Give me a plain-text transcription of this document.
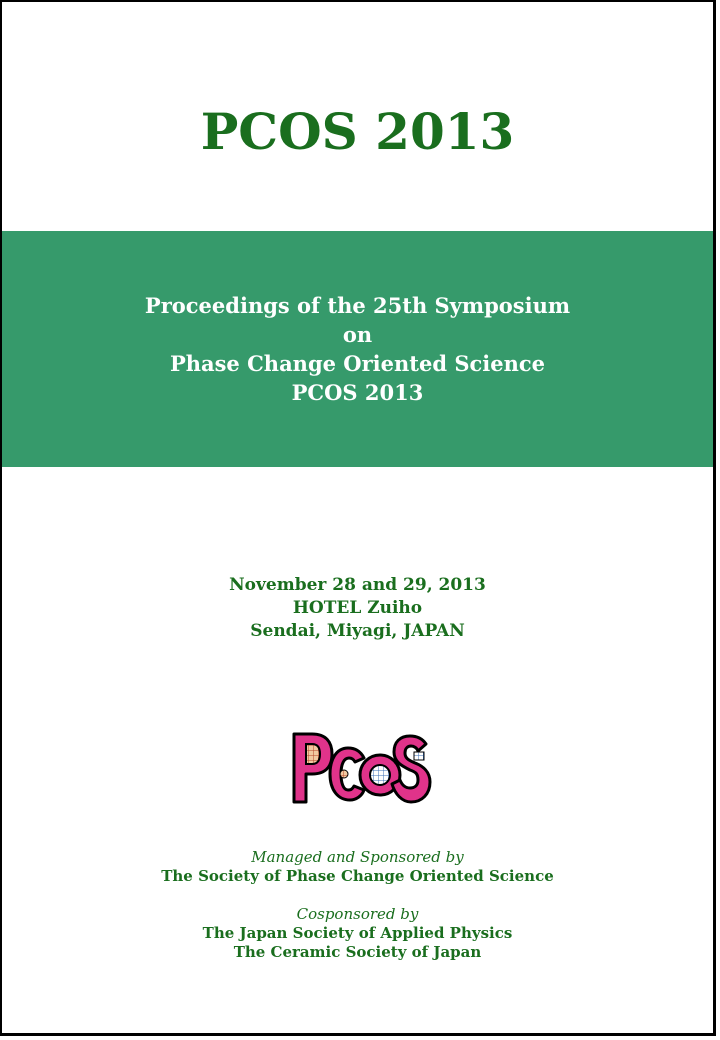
PCOS 2013
Proceedings of the 25th Symposium
on
Phase Change Oriented Science
PCOS 2013
November 28 and 29, 2013
HOTEL Zuiho
Sendai, Miyagi, JAPAN
Managed and Sponsored by
The Society of Phase Change Oriented Science
Cosponsored by
The Japan Society of Applied Physics
The Ceramic Society of Japan
